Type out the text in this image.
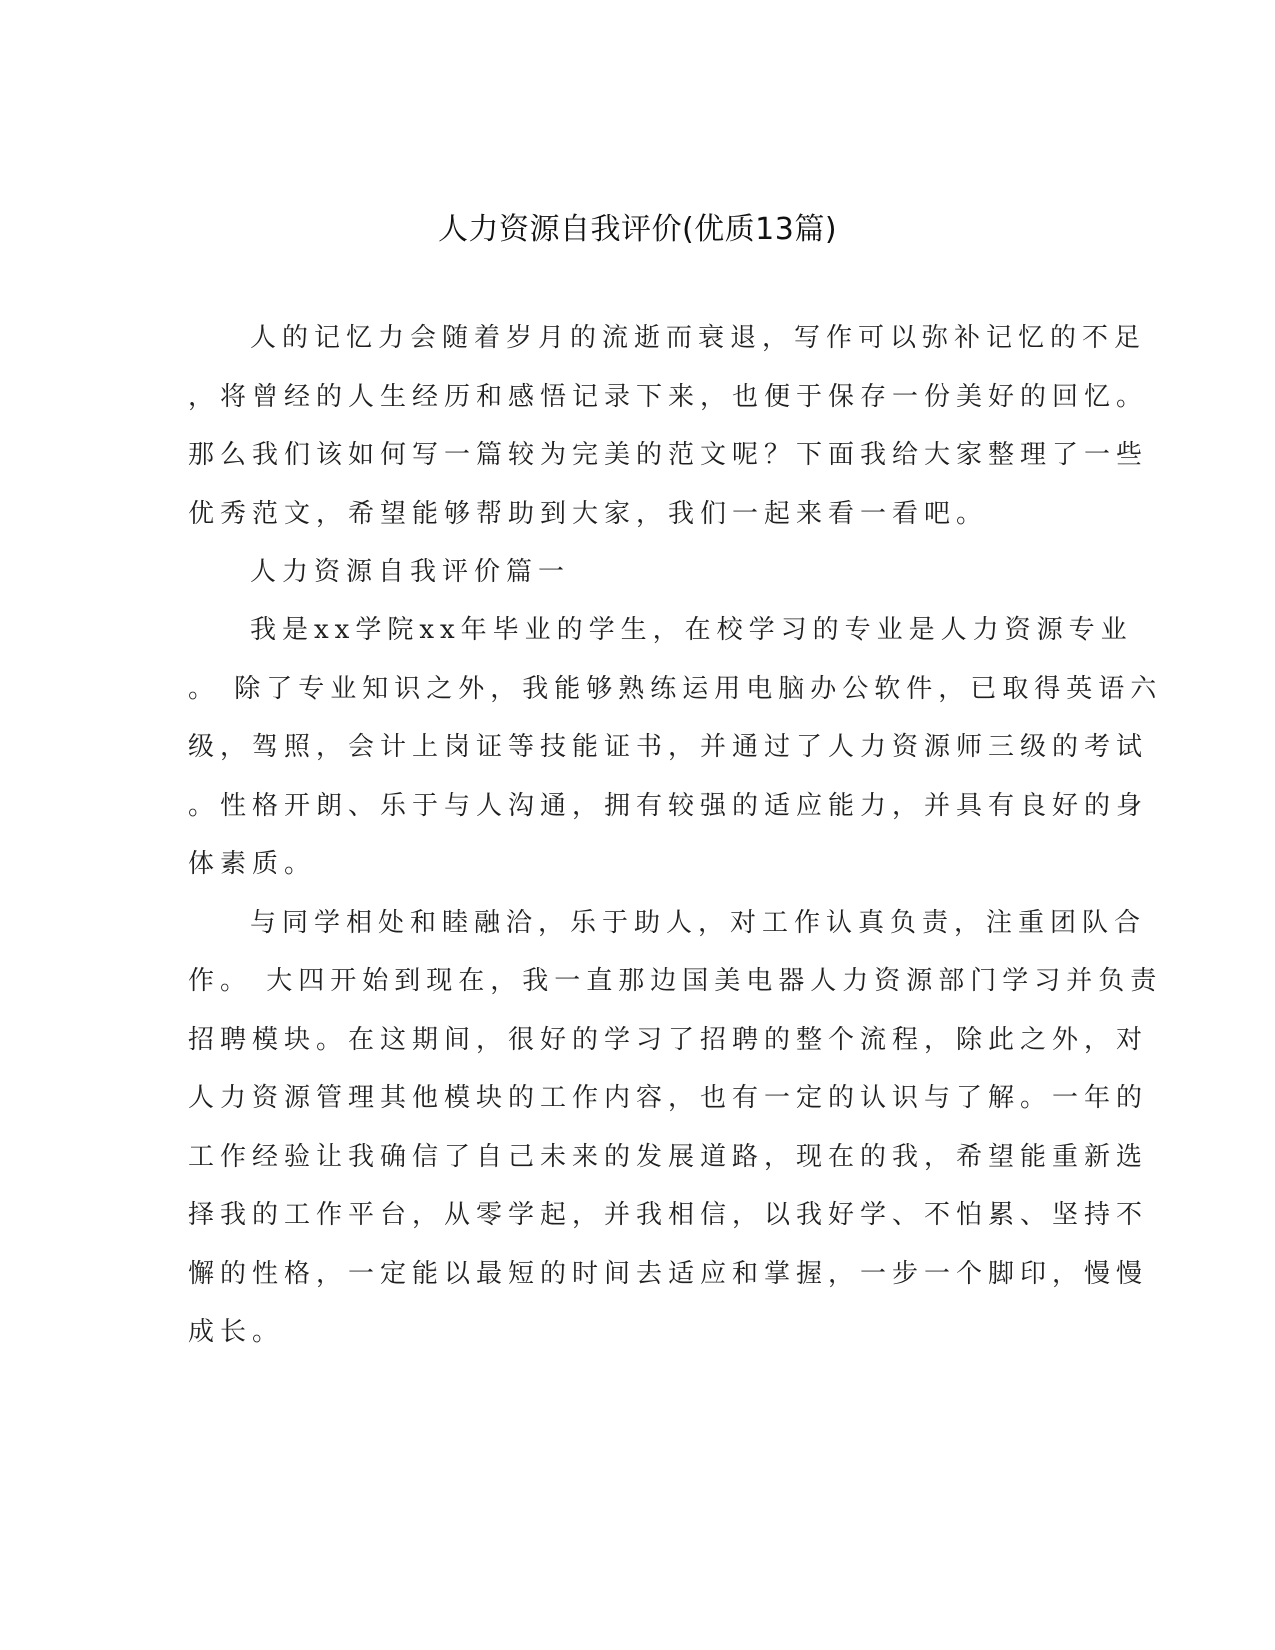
人力资源自我评价(优质13篇)
人的记忆力会随着岁月的流逝而衰退，写作可以弥补记忆的不足
，将曾经的人生经历和感悟记录下来，也便于保存一份美好的回忆。
那么我们该如何写一篇较为完美的范文呢？下面我给大家整理了一些
优秀范文，希望能够帮助到大家，我们一起来看一看吧。
人力资源自我评价篇一
我是xx学院xx年毕业的学生，在校学习的专业是人力资源专业
。 除了专业知识之外，我能够熟练运用电脑办公软件，已取得英语六
级，驾照，会计上岗证等技能证书，并通过了人力资源师三级的考试
。性格开朗、乐于与人沟通，拥有较强的适应能力，并具有良好的身
体素质。
与同学相处和睦融洽，乐于助人，对工作认真负责，注重团队合
作。 大四开始到现在，我一直那边国美电器人力资源部门学习并负责
招聘模块。在这期间，很好的学习了招聘的整个流程，除此之外，对
人力资源管理其他模块的工作内容，也有一定的认识与了解。一年的
工作经验让我确信了自己未来的发展道路，现在的我，希望能重新选
择我的工作平台，从零学起，并我相信，以我好学、不怕累、坚持不
懈的性格，一定能以最短的时间去适应和掌握，一步一个脚印，慢慢
成长。
